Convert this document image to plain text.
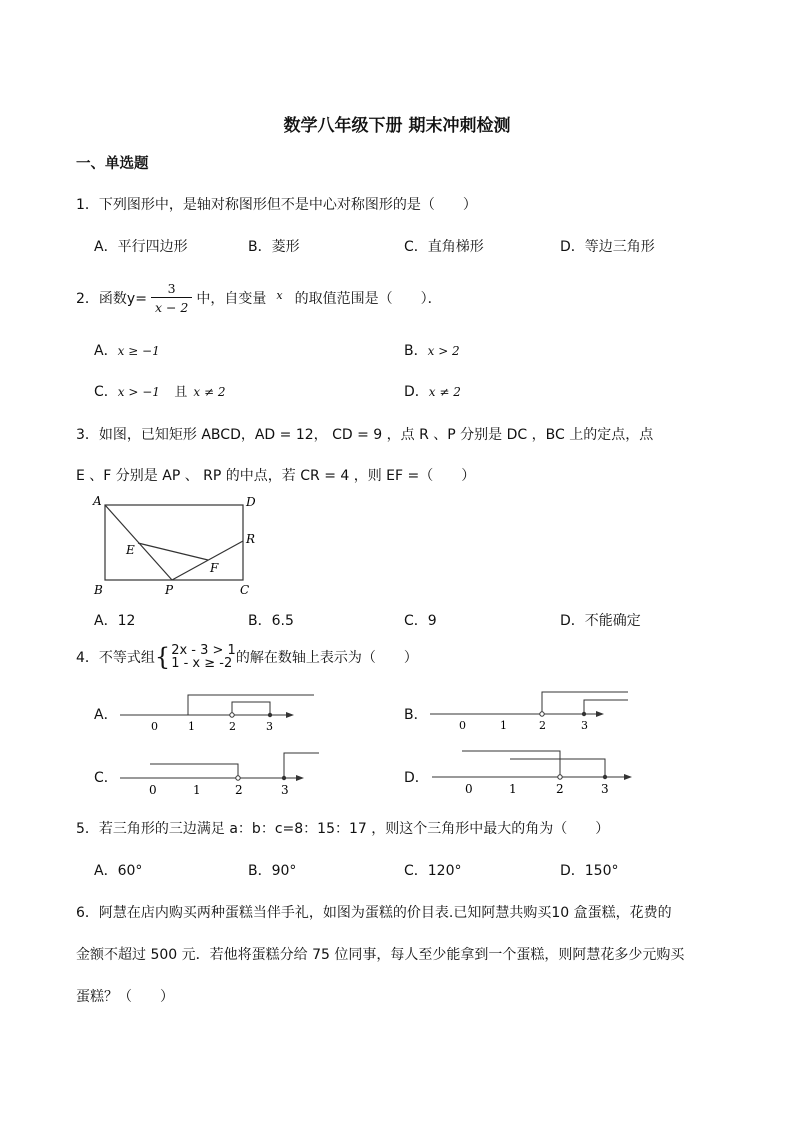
数学八年级下册 期末冲刺检测
一、单选题
1．下列图形中，是轴对称图形但不是中心对称图形的是（　　）
A．平行四边形	B．菱形	C．直角梯形	D．等边三角形
2．函数$y= \frac{3}{x - 2}$ 中，自变量 x 的取值范围是（　　）．
A．x ≥ −1	B．x > 2
C．x > −1 且 x ≠ 2	D．x ≠ 2
3．如图，已知矩形 ABCD，AD = 12， CD = 9 ，点 R 、P 分别是 DC ，BC 上的定点，点
E 、F 分别是 AP 、 RP 的中点，若 CR = 4 ，则 EF =（　　）
A	D
E
R
F
B	P	C
A．12	B．6.5	C．9	D．不能确定
4．不等式组 { 2x - 3 > 1
1 - x ≥ -2 的解在数轴上表示为（　　）
A．
0	1	2	3
B．
0	1	2	3
C．
0	1	2	3
D．
0	1	2	3
5．若三角形的三边满足 a：b：c=8：15：17 ，则这个三角形中最大的角为（　　）
A．60°	B．90°	C．120°	D．150°
6．阿慧在店内购买两种蛋糕当伴手礼，如图为蛋糕的价目表.已知阿慧共购买10 盒蛋糕，花费的
金额不超过 500 元．若他将蛋糕分给 75 位同事，每人至少能拿到一个蛋糕，则阿慧花多少元购买
蛋糕？（　　）
